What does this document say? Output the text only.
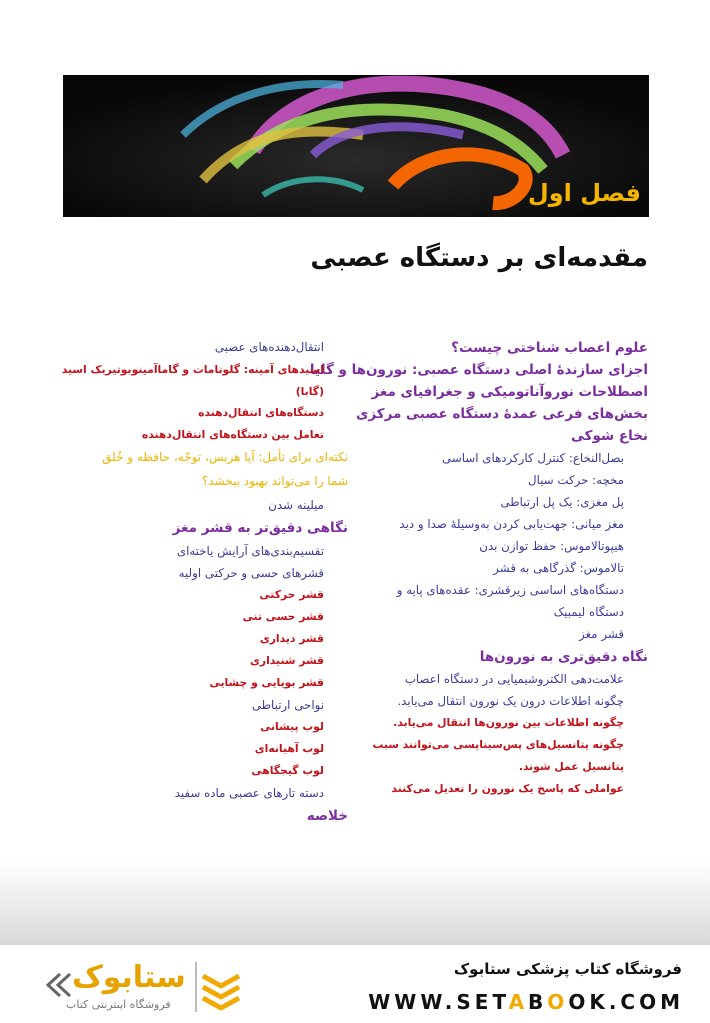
فصل اول
مقدمه‌ای بر دستگاه عصبی
علوم اعصاب شناختی چیست؟
اجزای سازندهٔ اصلی دستگاه عصبی: نورون‌ها و گلیا
اصطلاحات نوروآناتومیکی و جغرافیای مغز
بخش‌های فرعی عمدهٔ دستگاه عصبی مرکزی
نخاع شوکی
بصل‌النخاع: کنترل کارکردهای اساسی
مخچه: حرکت سیال
پل مغزی: یک پل ارتباطی
مغز میانی: جهت‌یابی کردن به‌وسیلهٔ صدا و دید
هیپوتالاموس: حفظ توازن بدن
تالاموس: گذرگاهی به قشر
دستگاه‌های اساسی زیرقشری: عقده‌های پایه و
دستگاه لیمبیک
قشر مغز
نگاه دقیق‌تری به نورون‌ها
علامت‌دهی الکتروشیمیایی در دستگاه اعصاب
چگونه اطلاعات درون یک نورون انتقال می‌یابد.
چگونه اطلاعات بین نورون‌ها انتقال می‌یابد.
چگونه پتانسیل‌های پس‌سیناپسی می‌توانند سبب
پتانسیل عمل شوند.
عواملی که پاسخ یک نورون را تعدیل می‌کنند
انتقال‌دهنده‌های عصبی
اسیدهای آمینه: گلوتامات و گاماآمینوبوتیریک اسید
(گابا)
دستگاه‌های انتقال‌دهنده
تعامل بین دستگاه‌های انتقال‌دهنده
نکته‌ای برای تأمل: آیا هربس، توجّه، حافظه و خُلق
شما را می‌تواند بهبود ببخشد؟
میلینه شدن
نگاهی دقیق‌تر به قشر مغز
تقسیم‌بندی‌های آرایش یاخته‌ای
قشرهای حسی و حرکتی اولیه
قشر حرکتی
قشر حسی تنی
قشر دیداری
قشر شنیداری
قشر بویایی و چشایی
نواحی ارتباطی
لوب پیشانی
لوب آهیانه‌ای
لوب گیجگاهی
دسته تارهای عصبی ماده سفید
خلاصه
فروشگاه کتاب پزشکی ستابوک
WWW.SETABOOK.COM
ستابوک
فروشگاه اینترنتی کتاب
